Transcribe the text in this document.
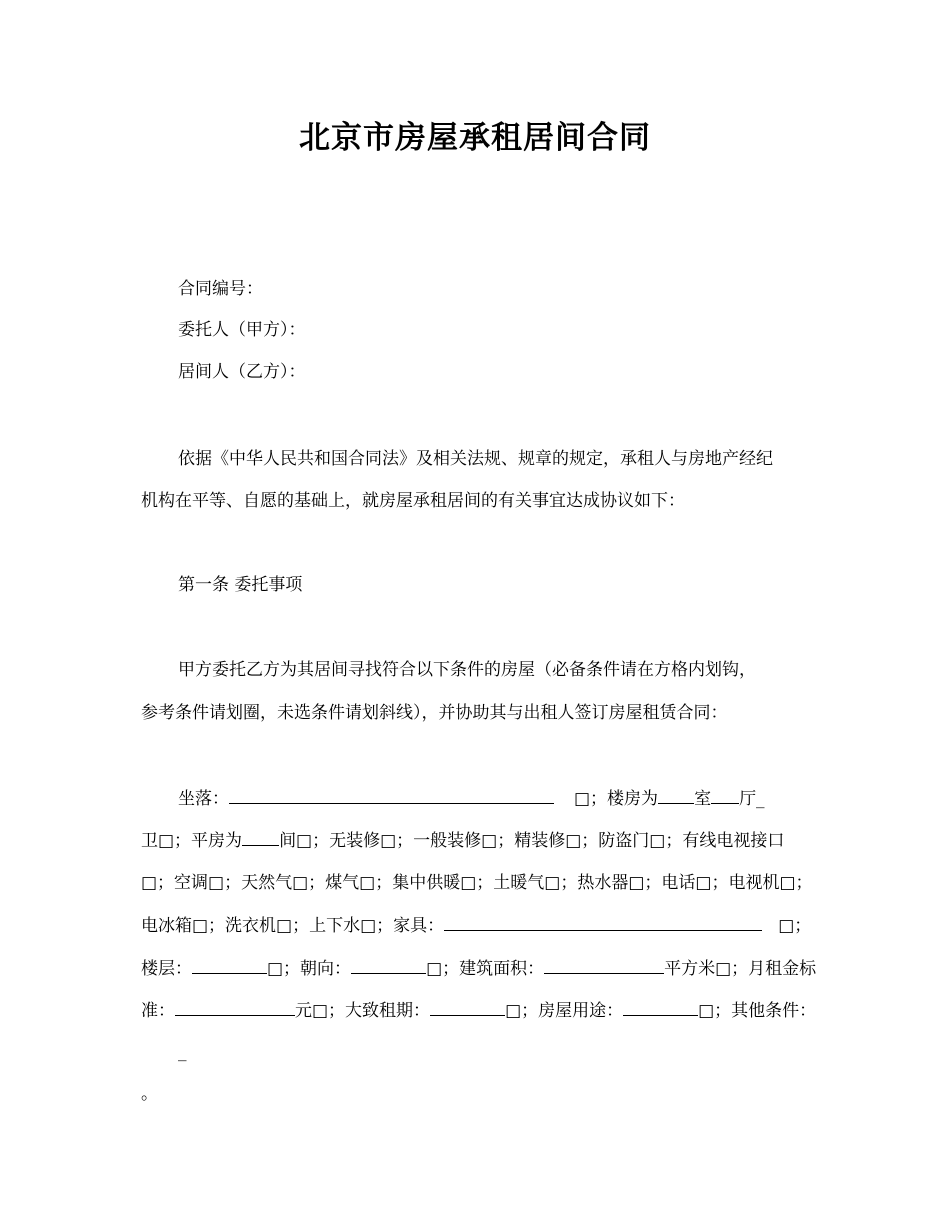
北京市房屋承租居间合同
合同编号：
委托人（甲方）：
居间人（乙方）：
依据《中华人民共和国合同法》及相关法规、规章的规定，承租人与房地产经纪
机构在平等、自愿的基础上，就房屋承租居间的有关事宜达成协议如下：
第一条 委托事项
甲方委托乙方为其居间寻找符合以下条件的房屋（必备条件请在方格内划钩，
参考条件请划圈，未选条件请划斜线），并协助其与出租人签订房屋租赁合同：
坐落：	□；楼房为 室 厅_
卫□；平房为 间□；无装修□；一般装修□；精装修□；防盗门□；有线电视接口
□；空调□；天然气□；煤气□；集中供暖□；土暖气□；热水器□；电话□；电视机□；
电冰箱□；洗衣机□；上下水□；家具：	□；
楼层：	□；朝向：	□；建筑面积：	平方米□；月租金标
准：	元□；大致租期：	□；房屋用途：	□；其他条件：
_
。
